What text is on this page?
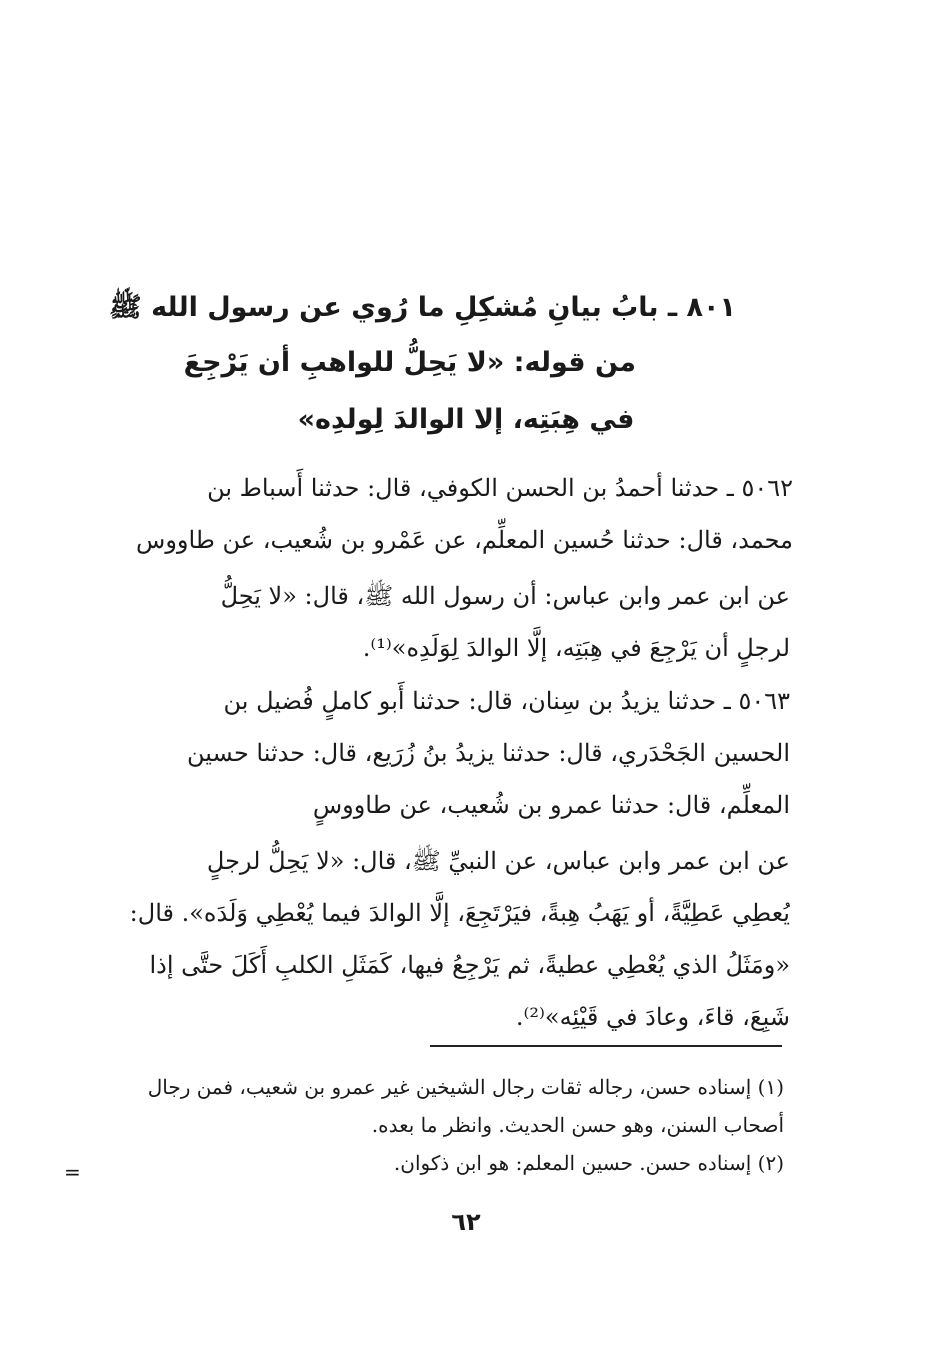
٨٠١ ـ بابُ بيانِ مُشكِلِ ما رُوي عن رسول الله ﷺ
من قوله: «لا يَحِلُّ للواهبِ أن يَرْجِعَ
في هِبَتِه، إلا الوالدَ لِولدِه»
٥٠٦٢ ـ حدثنا أحمدُ بن الحسن الكوفي، قال: حدثنا أَسباط بن
محمد، قال: حدثنا حُسين المعلِّم، عن عَمْرو بن شُعيب، عن طاووس
عن ابن عمر وابن عباس: أن رسول الله ﷺ، قال: «لا يَحِلُّ
لرجلٍ أن يَرْجِعَ في هِبَتِه، إلَّا الوالدَ لِوَلَدِه»⁽¹⁾.
٥٠٦٣ ـ حدثنا يزيدُ بن سِنان، قال: حدثنا أَبو كاملٍ فُضيل بن
الحسين الجَحْدَري، قال: حدثنا يزيدُ بنُ زُرَيع، قال: حدثنا حسين
المعلِّم، قال: حدثنا عمرو بن شُعيب، عن طاووسٍ
عن ابن عمر وابن عباس، عن النبيِّ ﷺ، قال: «لا يَحِلُّ لرجلٍ
يُعطِي عَطِيَّةً، أو يَهَبُ هِبةً، فيَرْتَجِعَ، إلَّا الوالدَ فيما يُعْطِي وَلَدَه». قال:
«ومَثَلُ الذي يُعْطِي عطيةً، ثم يَرْجِعُ فيها، كَمَثَلِ الكلبِ أَكَلَ حتَّى إذا
شَبِعَ، قاءَ، وعادَ في قَيْئِه»⁽²⁾.
(١) إسناده حسن، رجاله ثقات رجال الشيخين غير عمرو بن شعيب، فمن رجال
أصحاب السنن، وهو حسن الحديث. وانظر ما بعده.
(٢) إسناده حسن. حسين المعلم: هو ابن ذكوان.
=
٦٢
